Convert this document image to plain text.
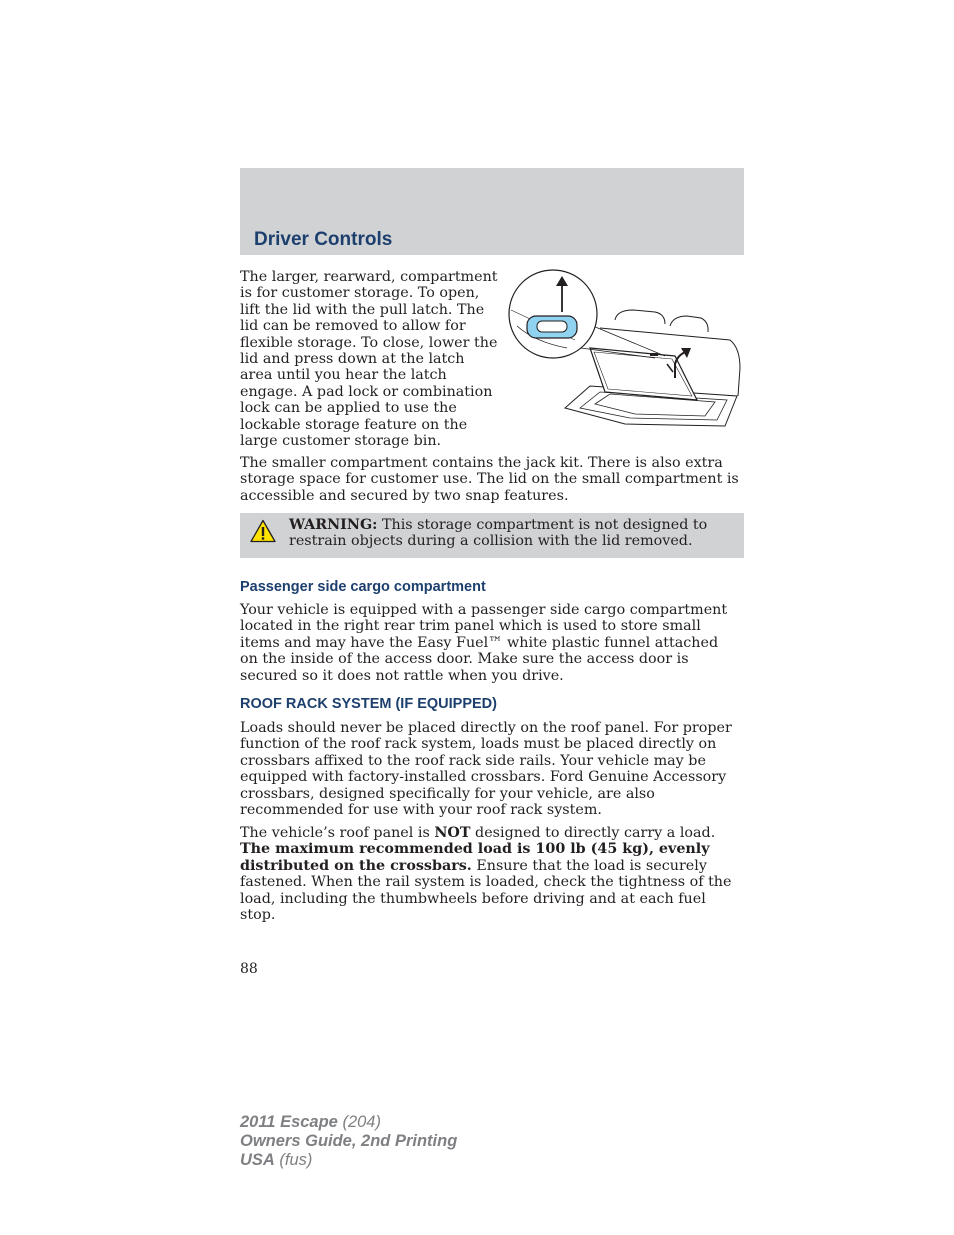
Driver Controls

The larger, rearward, compartment is for customer storage. To open, lift the lid with the pull latch. The lid can be removed to allow for flexible storage. To close, lower the lid and press down at the latch area until you hear the latch engage. A pad lock or combination lock can be applied to use the lockable storage feature on the large customer storage bin.

The smaller compartment contains the jack kit. There is also extra storage space for customer use. The lid on the small compartment is accessible and secured by two snap features.

WARNING: This storage compartment is not designed to restrain objects during a collision with the lid removed.

Passenger side cargo compartment

Your vehicle is equipped with a passenger side cargo compartment located in the right rear trim panel which is used to store small items and may have the Easy Fuel™ white plastic funnel attached on the inside of the access door. Make sure the access door is secured so it does not rattle when you drive.

ROOF RACK SYSTEM (IF EQUIPPED)

Loads should never be placed directly on the roof panel. For proper function of the roof rack system, loads must be placed directly on crossbars affixed to the roof rack side rails. Your vehicle may be equipped with factory-installed crossbars. Ford Genuine Accessory crossbars, designed specifically for your vehicle, are also recommended for use with your roof rack system.

The vehicle’s roof panel is NOT designed to directly carry a load. The maximum recommended load is 100 lb (45 kg), evenly distributed on the crossbars. Ensure that the load is securely fastened. When the rail system is loaded, check the tightness of the load, including the thumbwheels before driving and at each fuel stop.

88
2011 Escape (204)
Owners Guide, 2nd Printing
USA (fus)
